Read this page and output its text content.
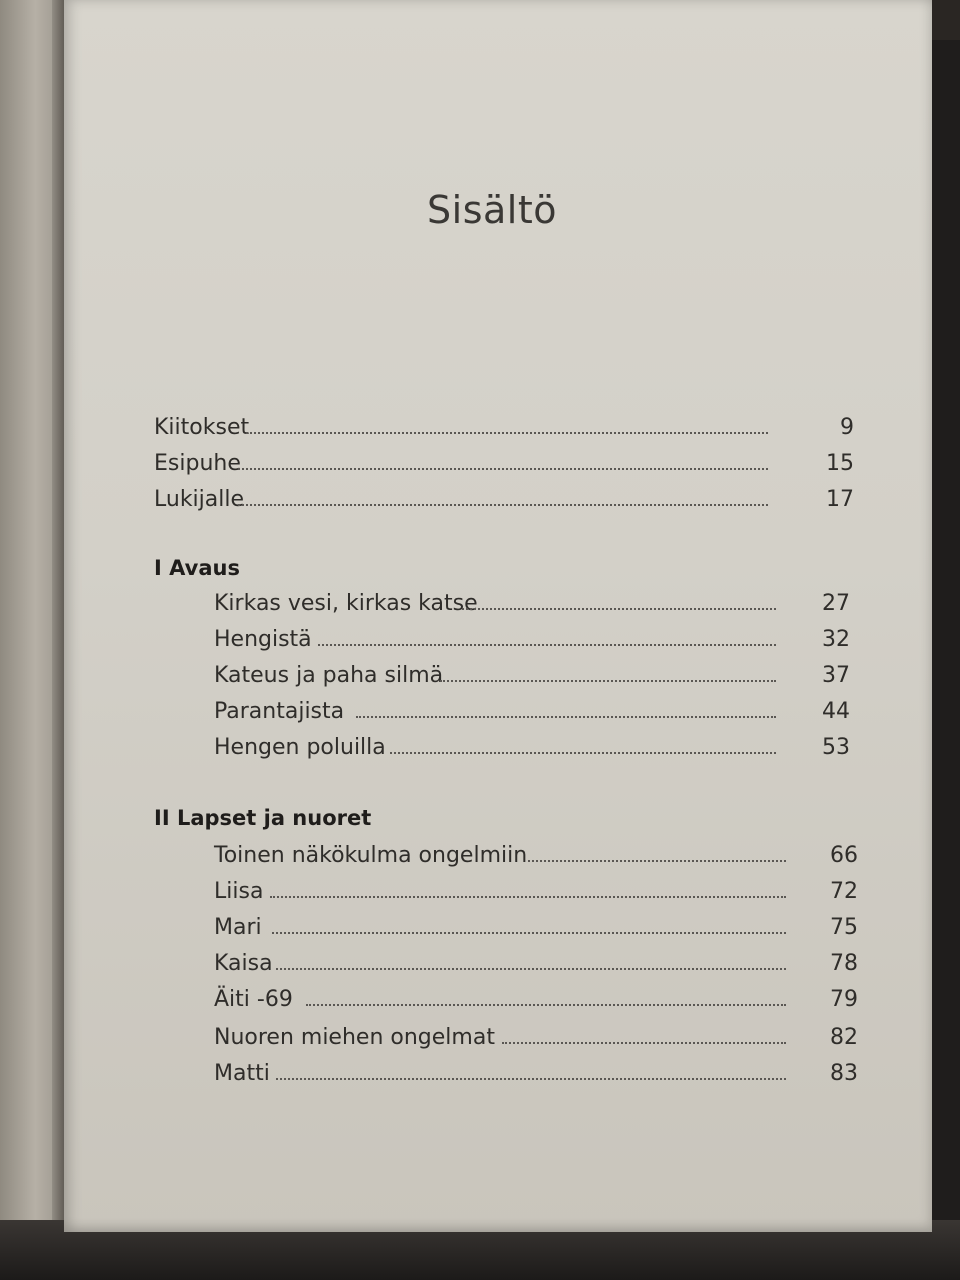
Sisältö
Kiitokset	9
Esipuhe	15
Lukijalle	17
I Avaus
Kirkas vesi, kirkas katse	27
Hengistä	32
Kateus ja paha silmä	37
Parantajista	44
Hengen poluilla	53
II Lapset ja nuoret
Toinen näkökulma ongelmiin	66
Liisa	72
Mari	75
Kaisa	78
Äiti -69	79
Nuoren miehen ongelmat	82
Matti	83
